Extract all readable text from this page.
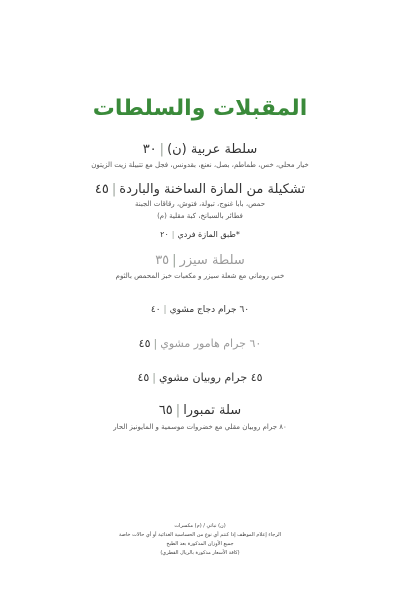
المقبلات والسلطات
سلطة عربية (ن)|٣٠
خيار محلي، خس، طماطم، بصل، نعنع، بقدونس، فجل مع تتبيلة زيت الزيتون
تشكيلة من المازة الساخنة والباردة|٤٥
حمص، بابا غنوج، تبولة، فتوش، رقاقات الجبنة
فطائر بالسبانخ، كبة مقلية (م)
*طبق المازة فردي|٢٠
سلطة سيزر|٣٥
خس روماني مع شعلة سيزر و مكعبات خبز المحمص بالثوم
٦٠ جرام دجاج مشوي|٤٠
٦٠ جرام هامور مشوي|٤٥
٤٥ جرام روبيان مشوي|٤٥
سلة تمبورا|٦٥
٨٠ جرام روبيان مقلي مع خضروات موسمية و المايونيز الحار
(ن) نباتي / (م) مكسرات
الرجاء إعلام الموظف إذا كنتم أي نوع من الحساسية الغذائية أو أي حالات خاصة
جميع الأوزان المذكورة بعد الطبخ
(كافة الأسعار مذكورة بالريال القطري)
